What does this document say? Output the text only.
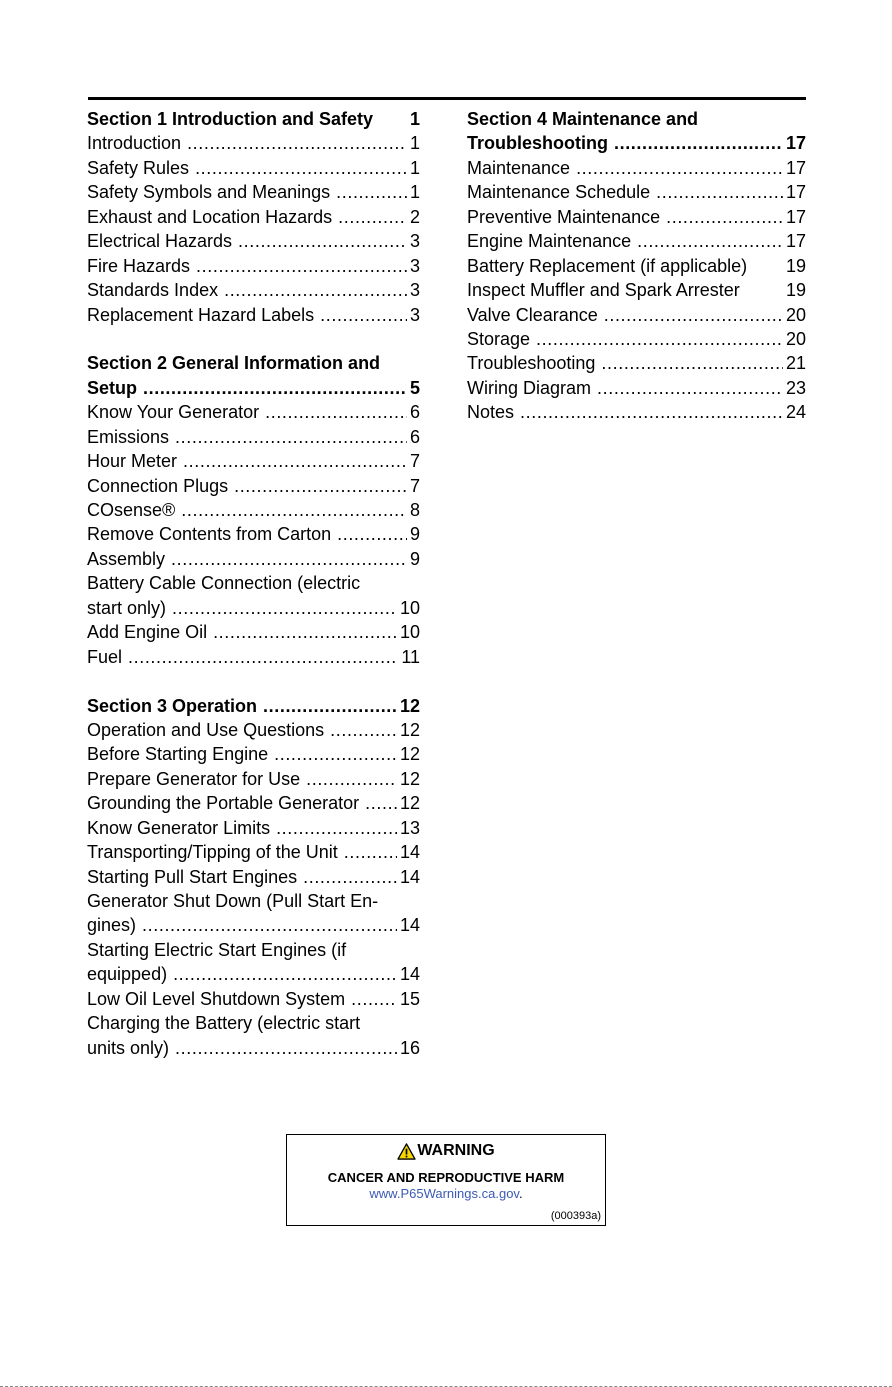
Section 1 Introduction and Safety 1
Introduction . . .	1
Safety Rules . . .	1
Safety Symbols and Meanings . . .	1
Exhaust and Location Hazards . . .	2
Electrical Hazards . . .	3
Fire Hazards . . .	3
Standards Index . . .	3
Replacement Hazard Labels . . .	3
Section 2 General Information and
Setup . . .	5
Know Your Generator . . .	6
Emissions . . .	6
Hour Meter . . .	7
Connection Plugs . . .	7
COsense® . . .	8
Remove Contents from Carton . . .	9
Assembly . . .	9
Battery Cable Connection (electric
start only) . . .	10
Add Engine Oil . . .	10
Fuel . . .	11
Section 3 Operation . . .	12
Operation and Use Questions . . .	12
Before Starting Engine . . .	12
Prepare Generator for Use . . .	12
Grounding the Portable Generator . . . 12
Know Generator Limits . . .	13
Transporting/Tipping of the Unit . . .	14
Starting Pull Start Engines . . .	14
Generator Shut Down (Pull Start En-
gines) . . .	14
Starting Electric Start Engines (if
equipped) . . .	14
Low Oil Level Shutdown System . . .	15
Charging the Battery (electric start
units only) . . .	16
Section 4 Maintenance and
Troubleshooting . . .	17
Maintenance . . .	17
Maintenance Schedule . . .	17
Preventive Maintenance . . .	17
Engine Maintenance . . .	17
Battery Replacement (if applicable) 19
Inspect Muffler and Spark Arrester	19
Valve Clearance . . .	20
Storage . . .	20
Troubleshooting . . .	21
Wiring Diagram . . .	23
Notes . . .	24
WARNING
CANCER AND REPRODUCTIVE HARM
www.P65Warnings.ca.gov.
(000393a)
